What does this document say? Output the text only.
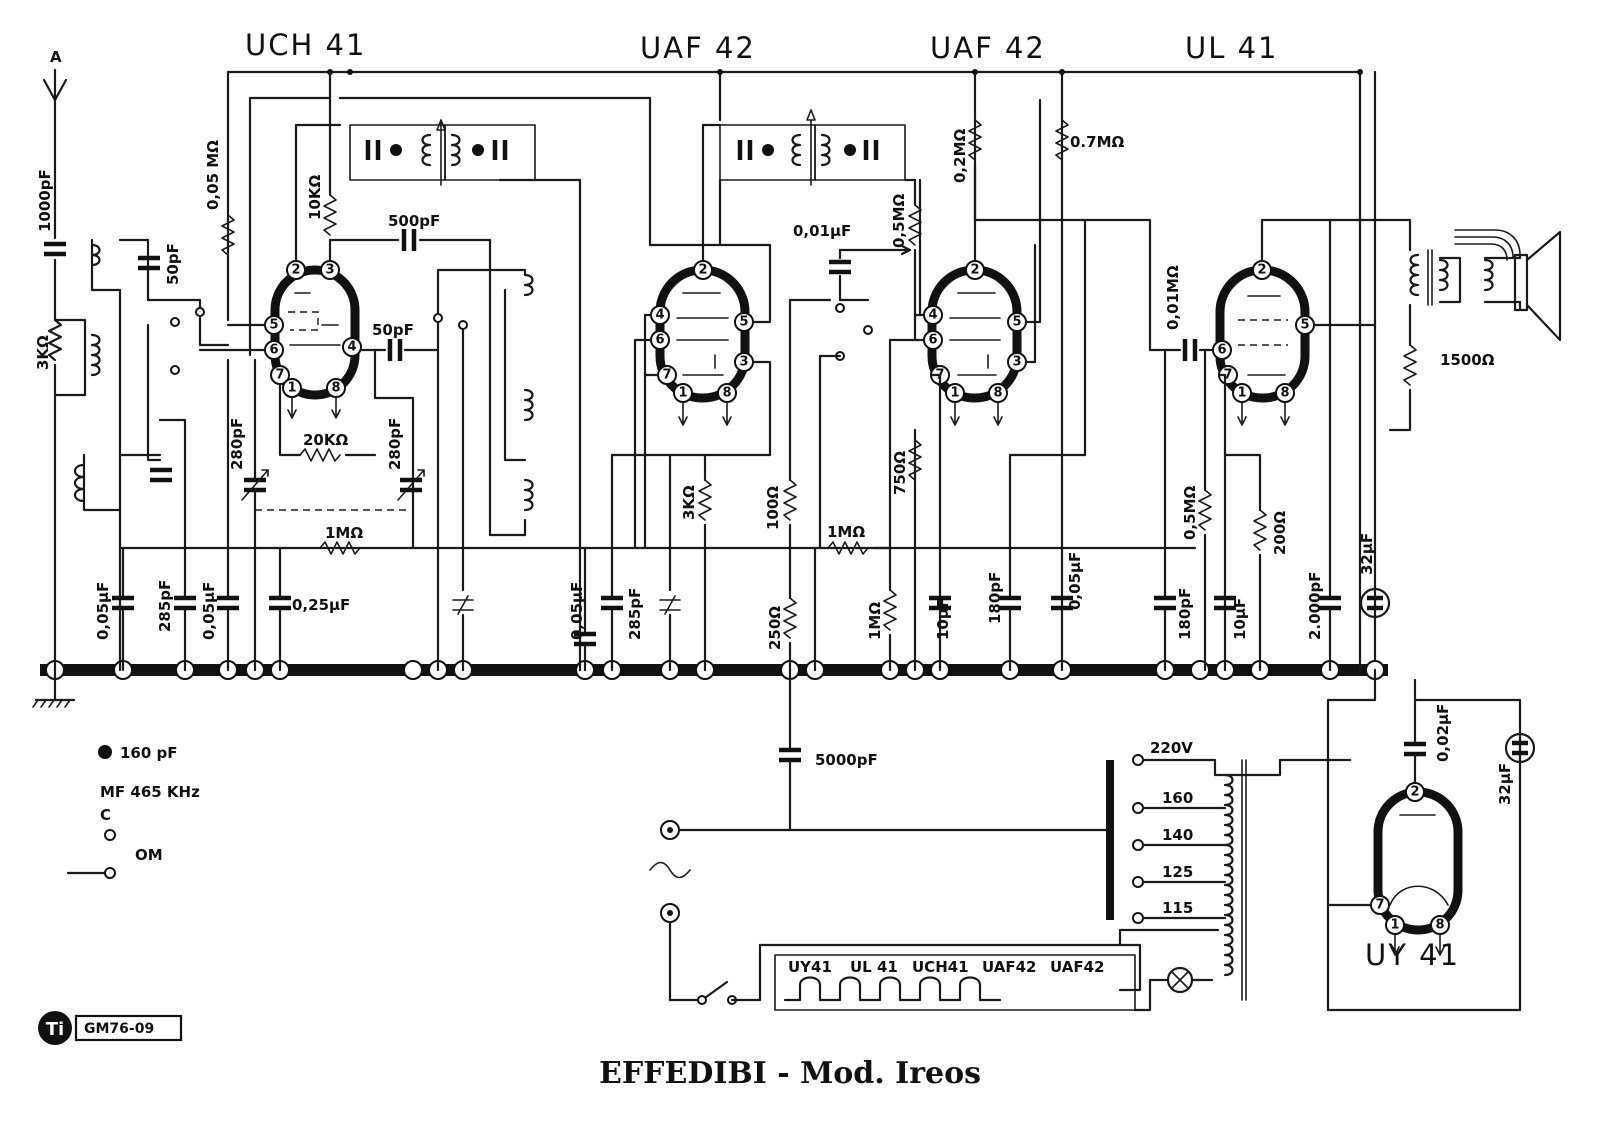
UCH 41	UAF 42	UAF 42	UL 41
UY 41
A
1000pF
3KΩ
50pF
0,05μF	285pF 0,05μF
0,05 MΩ	10KΩ
500pF
2 3
4
5
6
7
1	8
50pF
20KΩ
280pF	280pF
1MΩ
0,25μF
2
4	5
6
3
7
1	8
3KΩ
0,05μF	285pF
0,5MΩ
0,01μF
100Ω
250Ω
1MΩ
1MΩ
750Ω
2
4	5
6
3
7
1	8
0,2MΩ
10μF 180pF	0,05μF
0.7MΩ
2
5
6
7
1	8
0,01MΩ
0,5MΩ
180pF 10μF
200Ω
2.000pF
32μF
1500Ω
5000pF
UY41 UL 41 UCH41 UAF42 UAF42
220V
160
140
125
115
0,02μF
32μF
2
7
1	8
160 pF
MF 465 KHz
C
OM
Ti GM76-09
EFFEDIBI - Mod. Ireos
